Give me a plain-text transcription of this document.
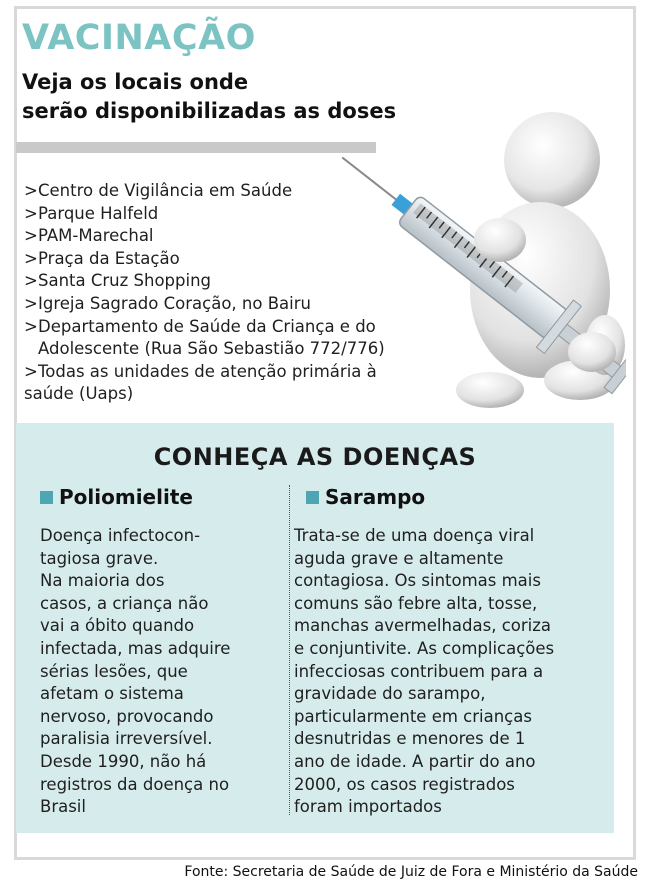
VACINAÇÃO

Veja os locais onde
serão disponibilizadas as doses

>Centro de Vigilância em Saúde
>Parque Halfeld
>PAM-Marechal
>Praça da Estação
>Santa Cruz Shopping
>Igreja Sagrado Coração, no Bairu
>Departamento de Saúde da Criança e do
Adolescente (Rua São Sebastião 772/776)
>Todas as unidades de atenção primária à
saúde (Uaps)
CONHEÇA AS DOENÇAS
Poliomielite	Sarampo

Doença infectocon-
tagiosa grave.
Na maioria dos
casos, a criança não
vai a óbito quando
infectada, mas adquire
sérias lesões, que
afetam o sistema
nervoso, provocando
paralisia irreversível.
Desde 1990, não há
registros da doença no
Brasil

Trata-se de uma doença viral
aguda grave e altamente
contagiosa. Os sintomas mais
comuns são febre alta, tosse,
manchas avermelhadas, coriza
e conjuntivite. As complicações
infecciosas contribuem para a
gravidade do sarampo,
particularmente em crianças
desnutridas e menores de 1
ano de idade. A partir do ano
2000, os casos registrados
foram importados

Fonte: Secretaria de Saúde de Juiz de Fora e Ministério da Saúde
